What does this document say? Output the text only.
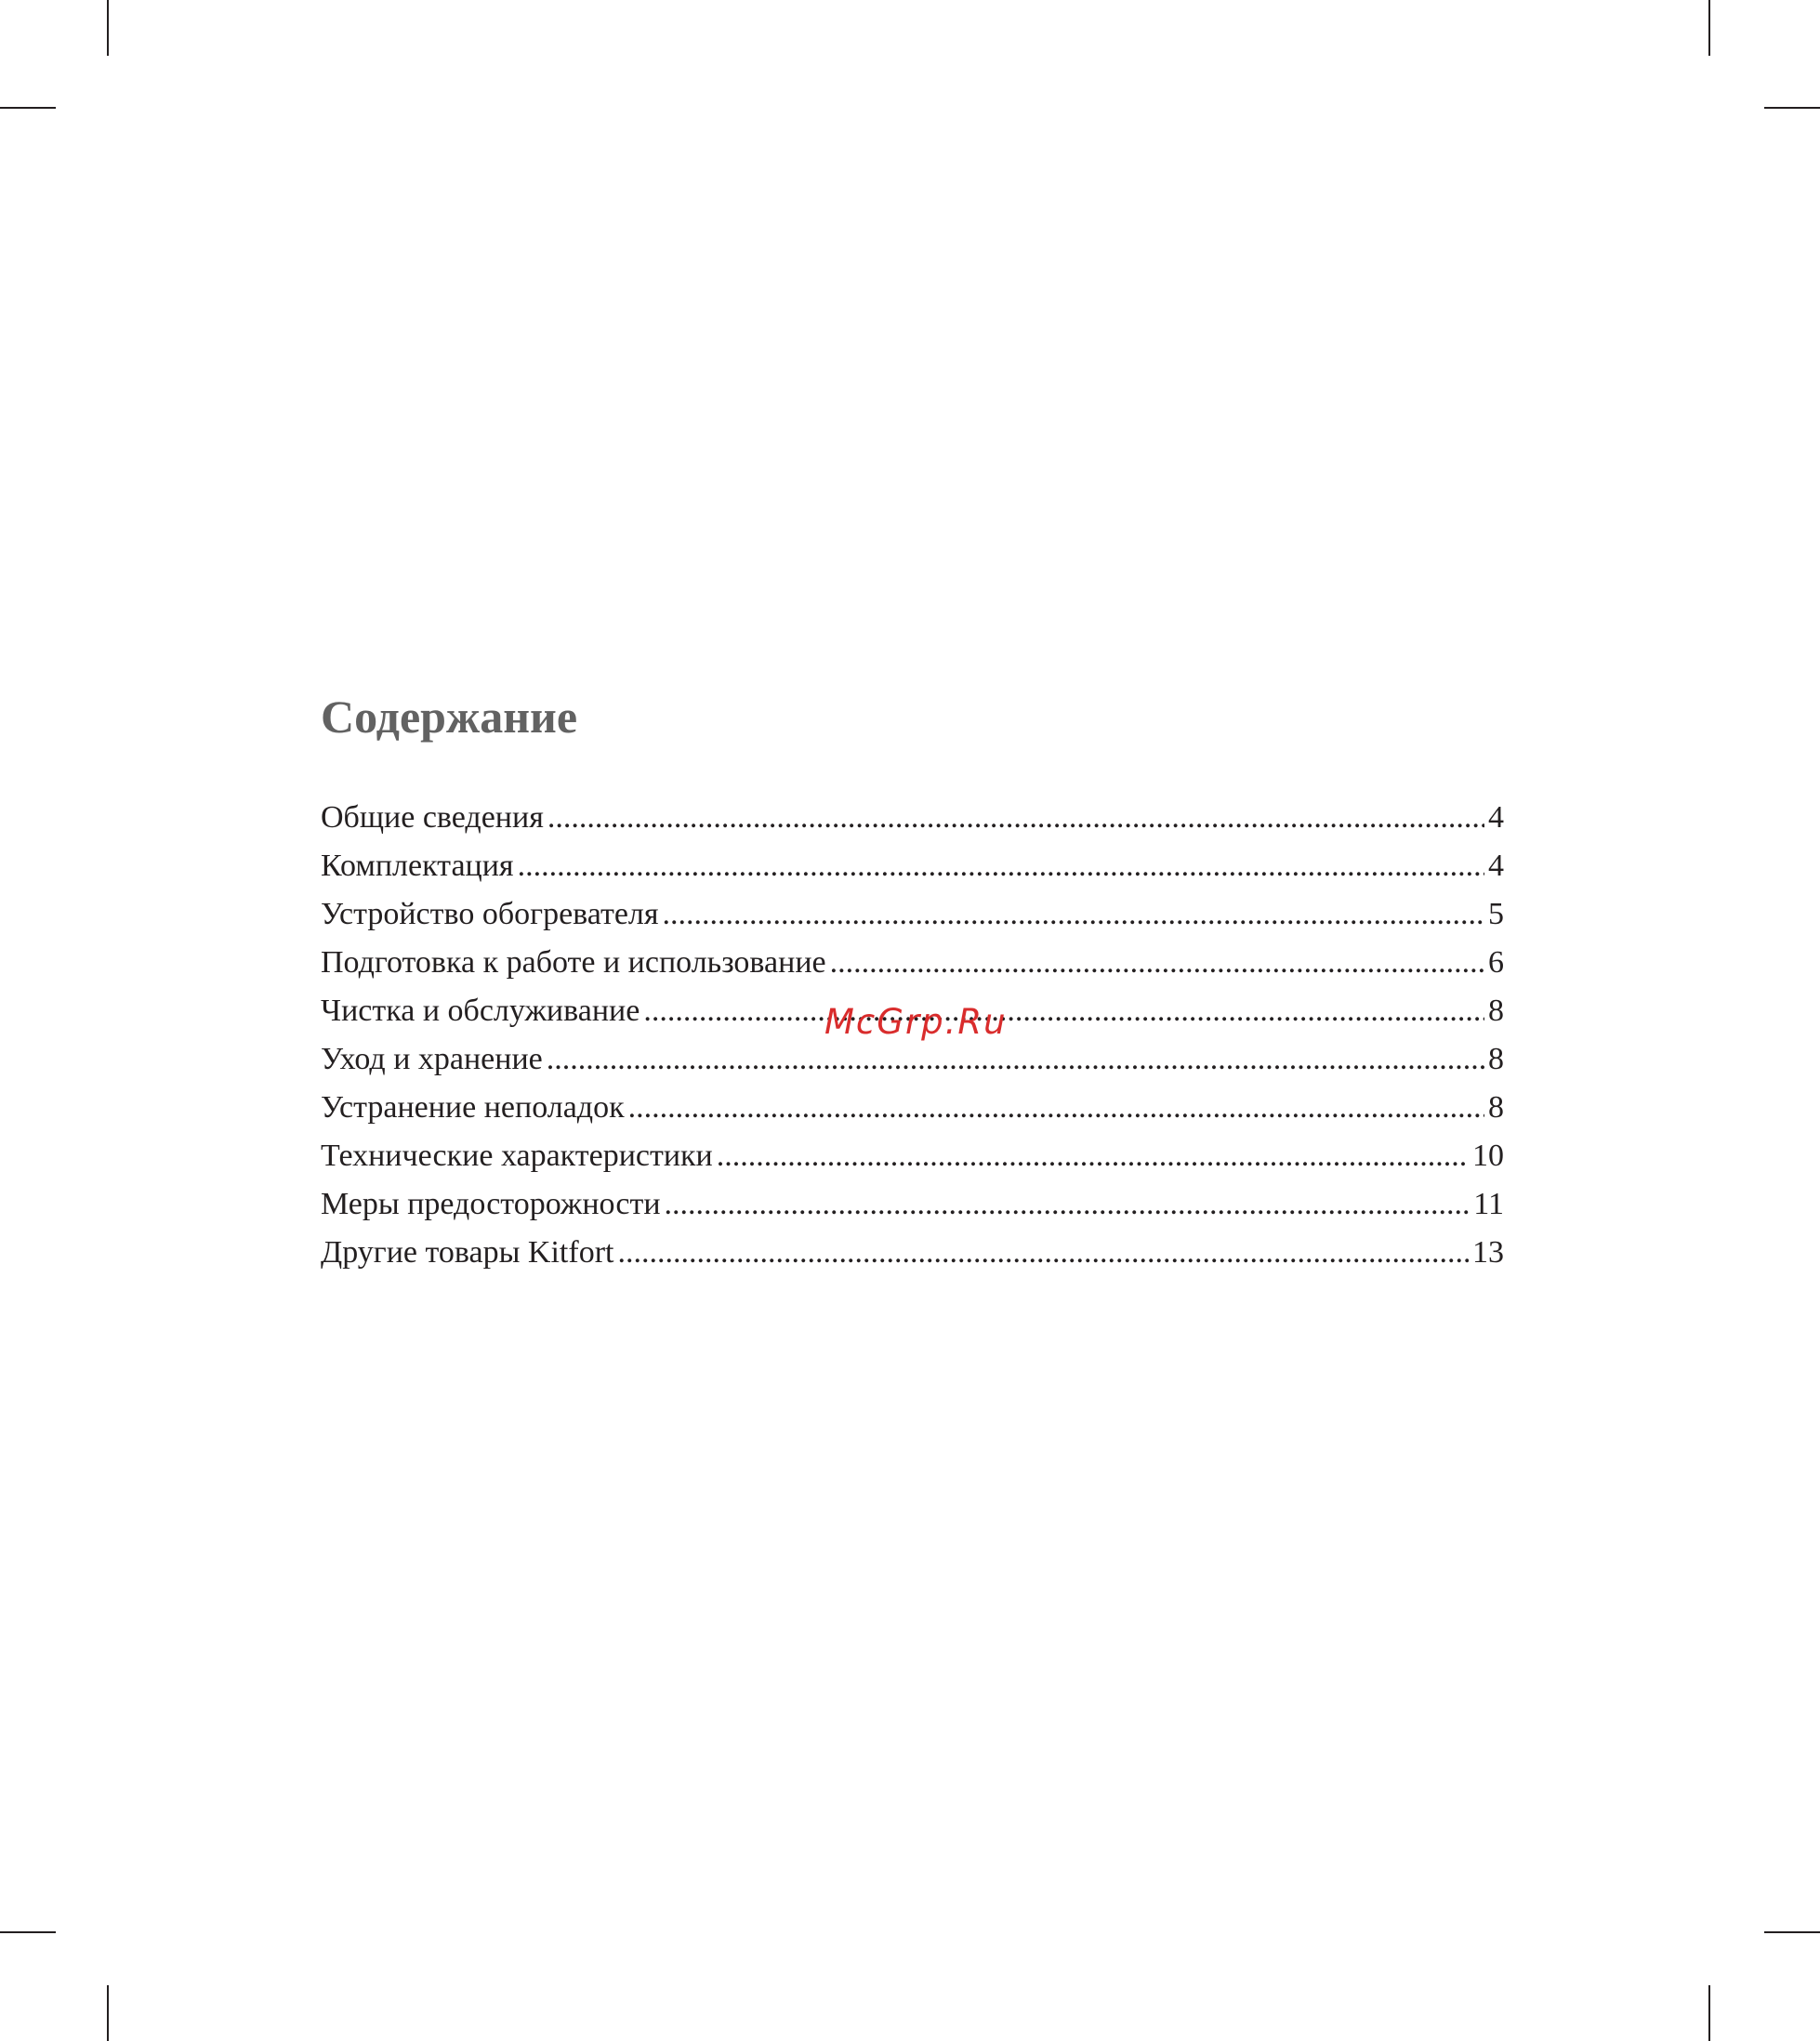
Содержание
Общие сведения .....	4
Комплектация .....	4
Устройство обогревателя .....	5
Подготовка к работе и использование .....	6
Чистка и обслуживание .....	8
Уход и хранение .....	8
Устранение неполадок .....	8
Технические характеристики .....	10
Меры предосторожности .....	11
Другие товары Kitfort .....	13
McGrp.Ru
